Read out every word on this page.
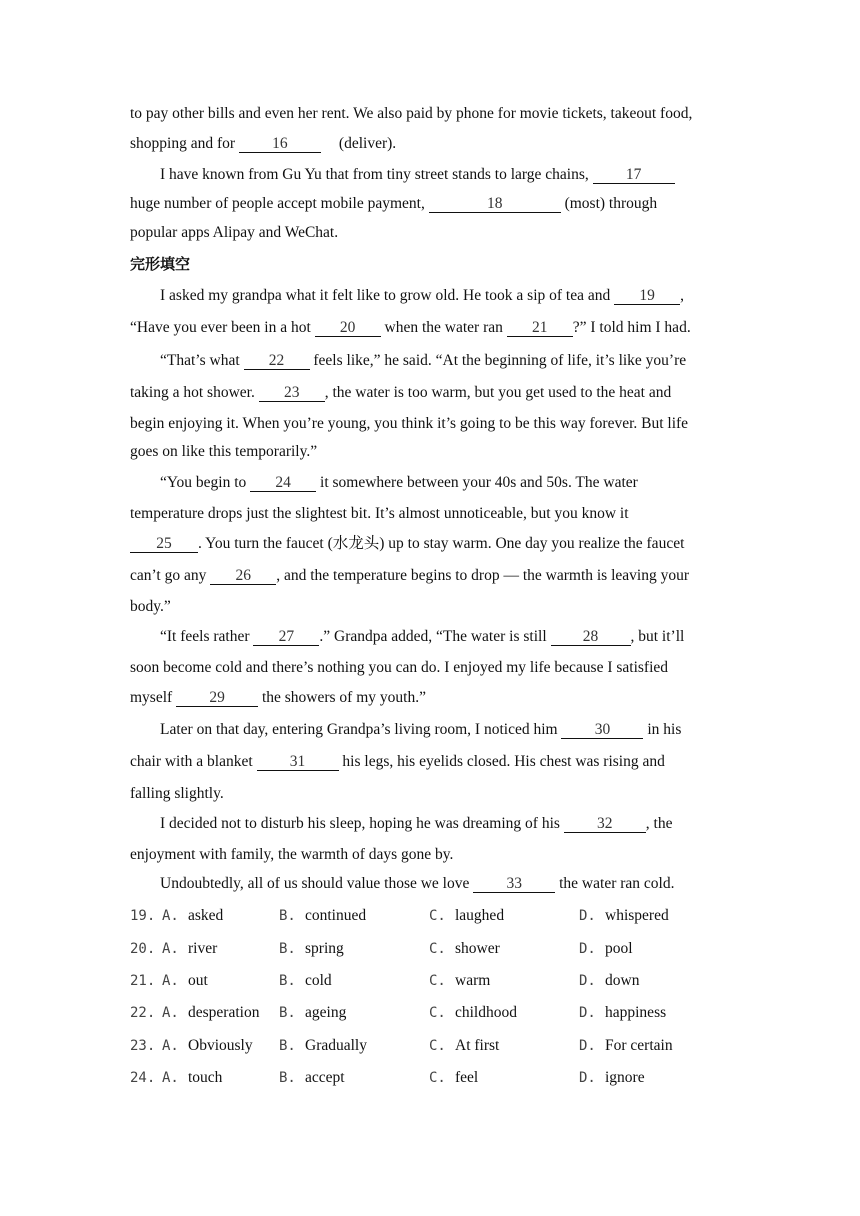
to pay other bills and even her rent. We also paid by phone for movie tickets, takeout food,
shopping and for 16	(deliver).
I have known from Gu Yu that from tiny street stands to large chains, 17
huge number of people accept mobile payment,	18	(most) through
popular apps Alipay and WeChat.
完形填空
I asked my grandpa what it felt like to grow old. He took a sip of tea and 19 ,
“Have you ever been in a hot 20 when the water ran 21 ?” I told him I had.
“That’s what 22 feels like,” he said. “At the beginning of life, it’s like you’re
taking a hot shower. 23 , the water is too warm, but you get used to the heat and
begin enjoying it. When you’re young, you think it’s going to be this way forever. But life
goes on like this temporarily.”
“You begin to 24 it somewhere between your 40s and 50s. The water
temperature drops just the slightest bit. It’s almost unnoticeable, but you know it
25 . You turn the faucet (水龙头) up to stay warm. One day you realize the faucet
can’t go any 26 , and the temperature begins to drop — the warmth is leaving your
body.”
“It feels rather 27 .” Grandpa added, “The water is still 28 , but it’ll
soon become cold and there’s nothing you can do. I enjoyed my life because I satisfied
myself 29 the showers of my youth.”
Later on that day, entering Grandpa’s living room, I noticed him 30 in his
chair with a blanket 31 his legs, his eyelids closed. His chest was rising and
falling slightly.
I decided not to disturb his sleep, hoping he was dreaming of his 32 , the
enjoyment with family, the warmth of days gone by.
Undoubtedly, all of us should value those we love 33 the water ran cold.
19. A. asked	B. continued	C. laughed	D. whispered
20. A. river	B. spring	C. shower	D. pool
21. A. out	B. cold	C. warm	D. down
22. A. desperation B. ageing	C. childhood	D. happiness
23. A. Obviously B. Gradually	C. At first	D. For certain
24. A. touch	B. accept	C. feel	D. ignore
